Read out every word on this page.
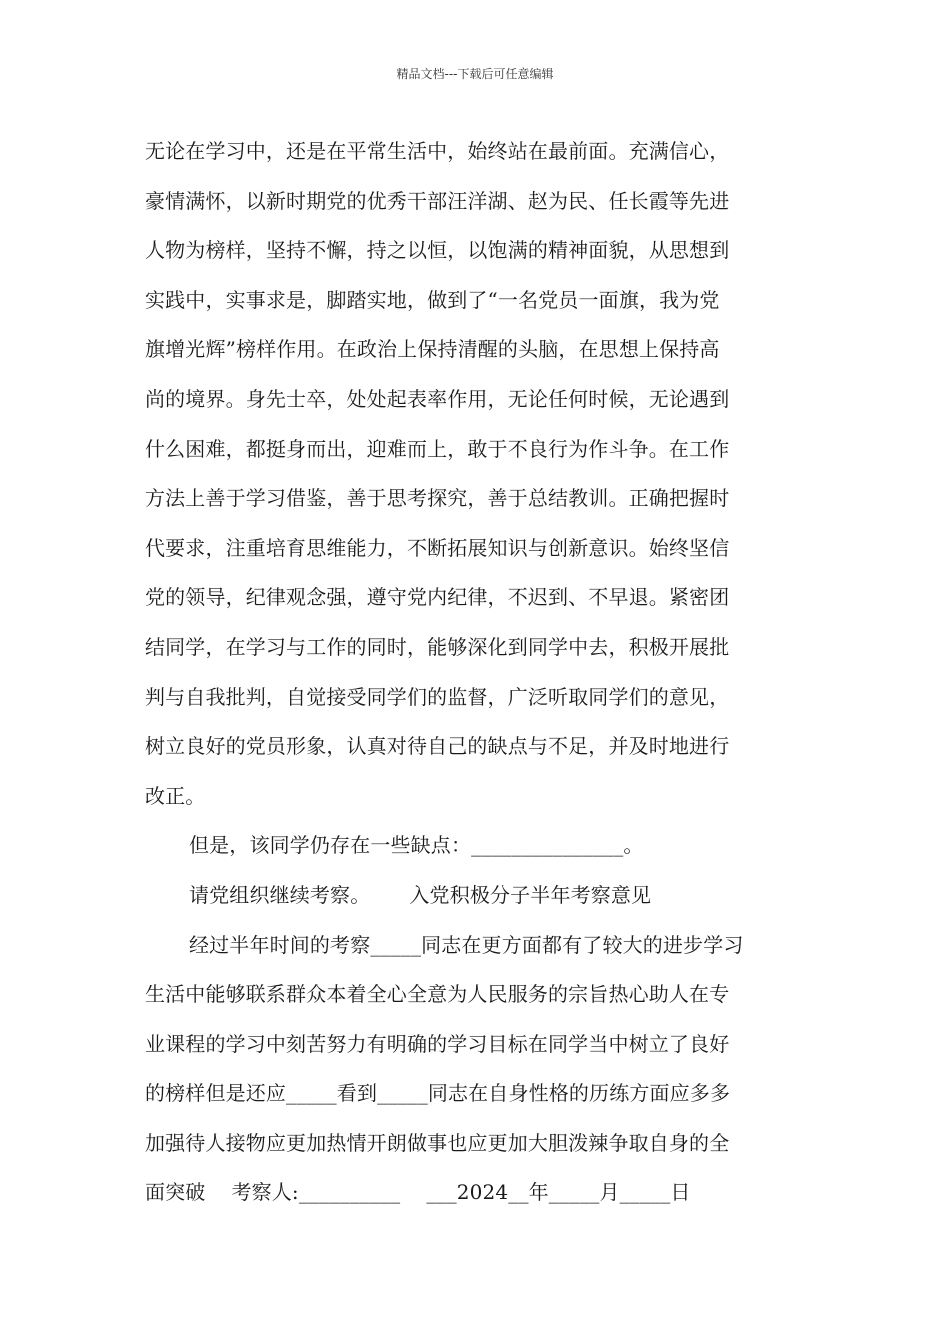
精品文档---下载后可任意编辑
无论在学习中，还是在平常生活中，始终站在最前面。充满信心，
豪情满怀，以新时期党的优秀干部汪洋湖、赵为民、任长霞等先进
人物为榜样，坚持不懈，持之以恒，以饱满的精神面貌，从思想到
实践中，实事求是，脚踏实地，做到了“一名党员一面旗，我为党
旗增光辉”榜样作用。在政治上保持清醒的头脑，在思想上保持高
尚的境界。身先士卒，处处起表率作用，无论任何时候，无论遇到
什么困难，都挺身而出，迎难而上，敢于不良行为作斗争。在工作
方法上善于学习借鉴，善于思考探究，善于总结教训。正确把握时
代要求，注重培育思维能力，不断拓展知识与创新意识。始终坚信
党的领导，纪律观念强，遵守党内纪律，不迟到、不早退。紧密团
结同学，在学习与工作的同时，能够深化到同学中去，积极开展批
判与自我批判，自觉接受同学们的监督，广泛听取同学们的意见，
树立良好的党员形象，认真对待自己的缺点与不足，并及时地进行
改正。
但是，该同学仍存在一些缺点：_______________。
请党组织继续考察。      入党积极分子半年考察意见
经过半年时间的考察_____同志在更方面都有了较大的进步学习
生活中能够联系群众本着全心全意为人民服务的宗旨热心助人在专
业课程的学习中刻苦努力有明确的学习目标在同学当中树立了良好
的榜样但是还应_____看到_____同志在自身性格的历练方面应多多
加强待人接物应更加热情开朗做事也应更加大胆泼辣争取自身的全
面突破    考察人:__________    ___2024__年_____月_____日
